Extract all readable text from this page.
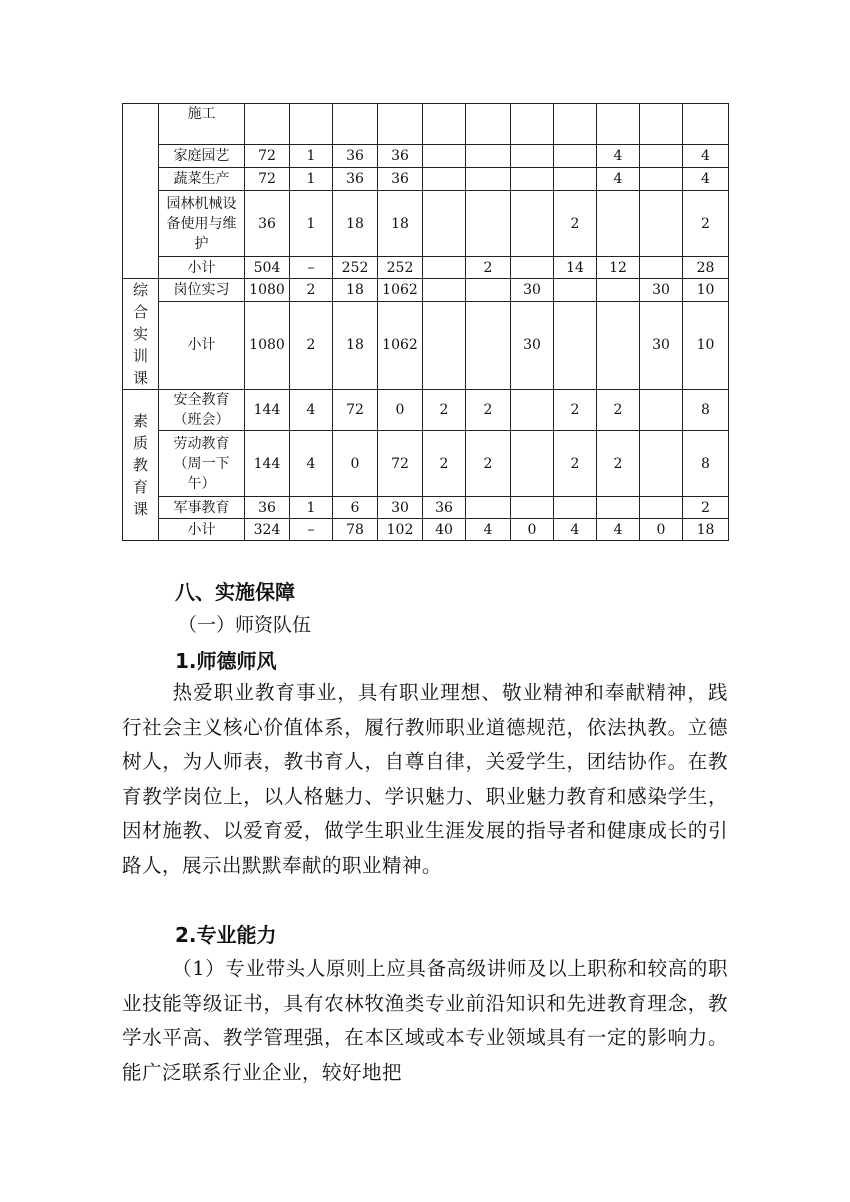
	施工											
	家庭园艺	72	1	36	36					4		4
	蔬菜生产	72	1	36	36					4		4
	园林机械设备使用与维护	36	1	18	18				2			2
	小计	504	–	252	252		2		14	12		28
综合实训课	岗位实习	1080	2	18	1062			30			30	10
	小计	1080	2	18	1062			30			30	10
素质教育课	安全教育（班会）	144	4	72	0	2	2		2	2		8
	劳动教育（周一下午）	144	4	0	72	2	2		2	2		8
	军事教育	36	1	6	30	36						2
	小计	324	–	78	102	40	4	0	4	4	0	18
八、实施保障
（一）师资队伍
1.师德师风
热爱职业教育事业，具有职业理想、敬业精神和奉献精神，践行社会主义核心价值体系，履行教师职业道德规范，依法执教。立德树人，为人师表，教书育人，自尊自律，关爱学生，团结协作。在教育教学岗位上，以人格魅力、学识魅力、职业魅力教育和感染学生，因材施教、以爱育爱，做学生职业生涯发展的指导者和健康成长的引路人，展示出默默奉献的职业精神。
2.专业能力
（1）专业带头人原则上应具备高级讲师及以上职称和较高的职业技能等级证书，具有农林牧渔类专业前沿知识和先进教育理念，教学水平高、教学管理强，在本区域或本专业领域具有一定的影响力。能广泛联系行业企业，较好地把
